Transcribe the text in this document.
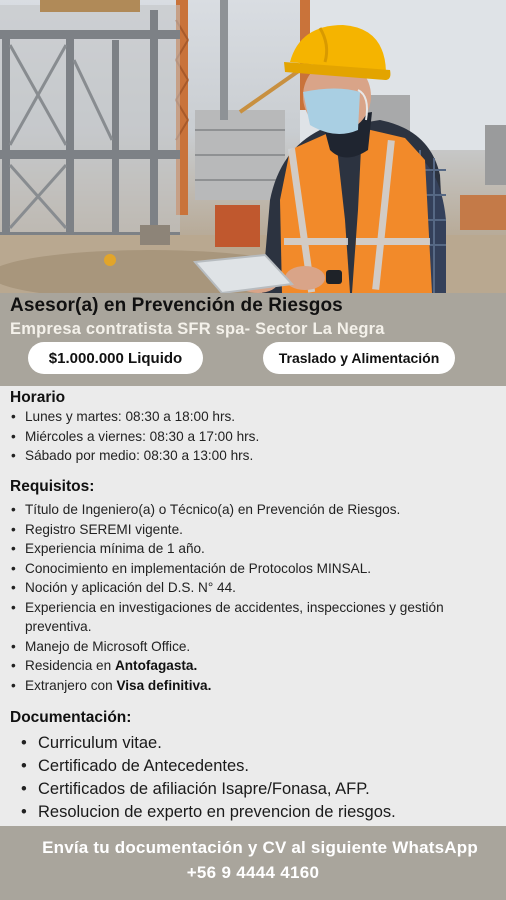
Asesor(a) en Prevención de Riesgos
Empresa contratista SFR spa- Sector La Negra
$1.000.000 Liquido	Traslado y Alimentación
Horario
• Lunes y martes: 08:30 a 18:00 hrs.
• Miércoles a viernes: 08:30 a 17:00 hrs.
• Sábado por medio: 08:30 a 13:00 hrs.
Requisitos:
• Título de Ingeniero(a) o Técnico(a) en Prevención de Riesgos.
• Registro SEREMI vigente.
• Experiencia mínima de 1 año.
• Conocimiento en implementación de Protocolos MINSAL.
• Noción y aplicación del D.S. N° 44.
• Experiencia en investigaciones de accidentes, inspecciones y gestión preventiva.
• Manejo de Microsoft Office.
• Residencia en Antofagasta.
• Extranjero con Visa definitiva.
Documentación:
• Curriculum vitae.
• Certificado de Antecedentes.
• Certificados de afiliación Isapre/Fonasa, AFP.
• Resolucion de experto en prevencion de riesgos.
Envía tu documentación y CV al siguiente WhatsApp
+56 9 4444 4160
